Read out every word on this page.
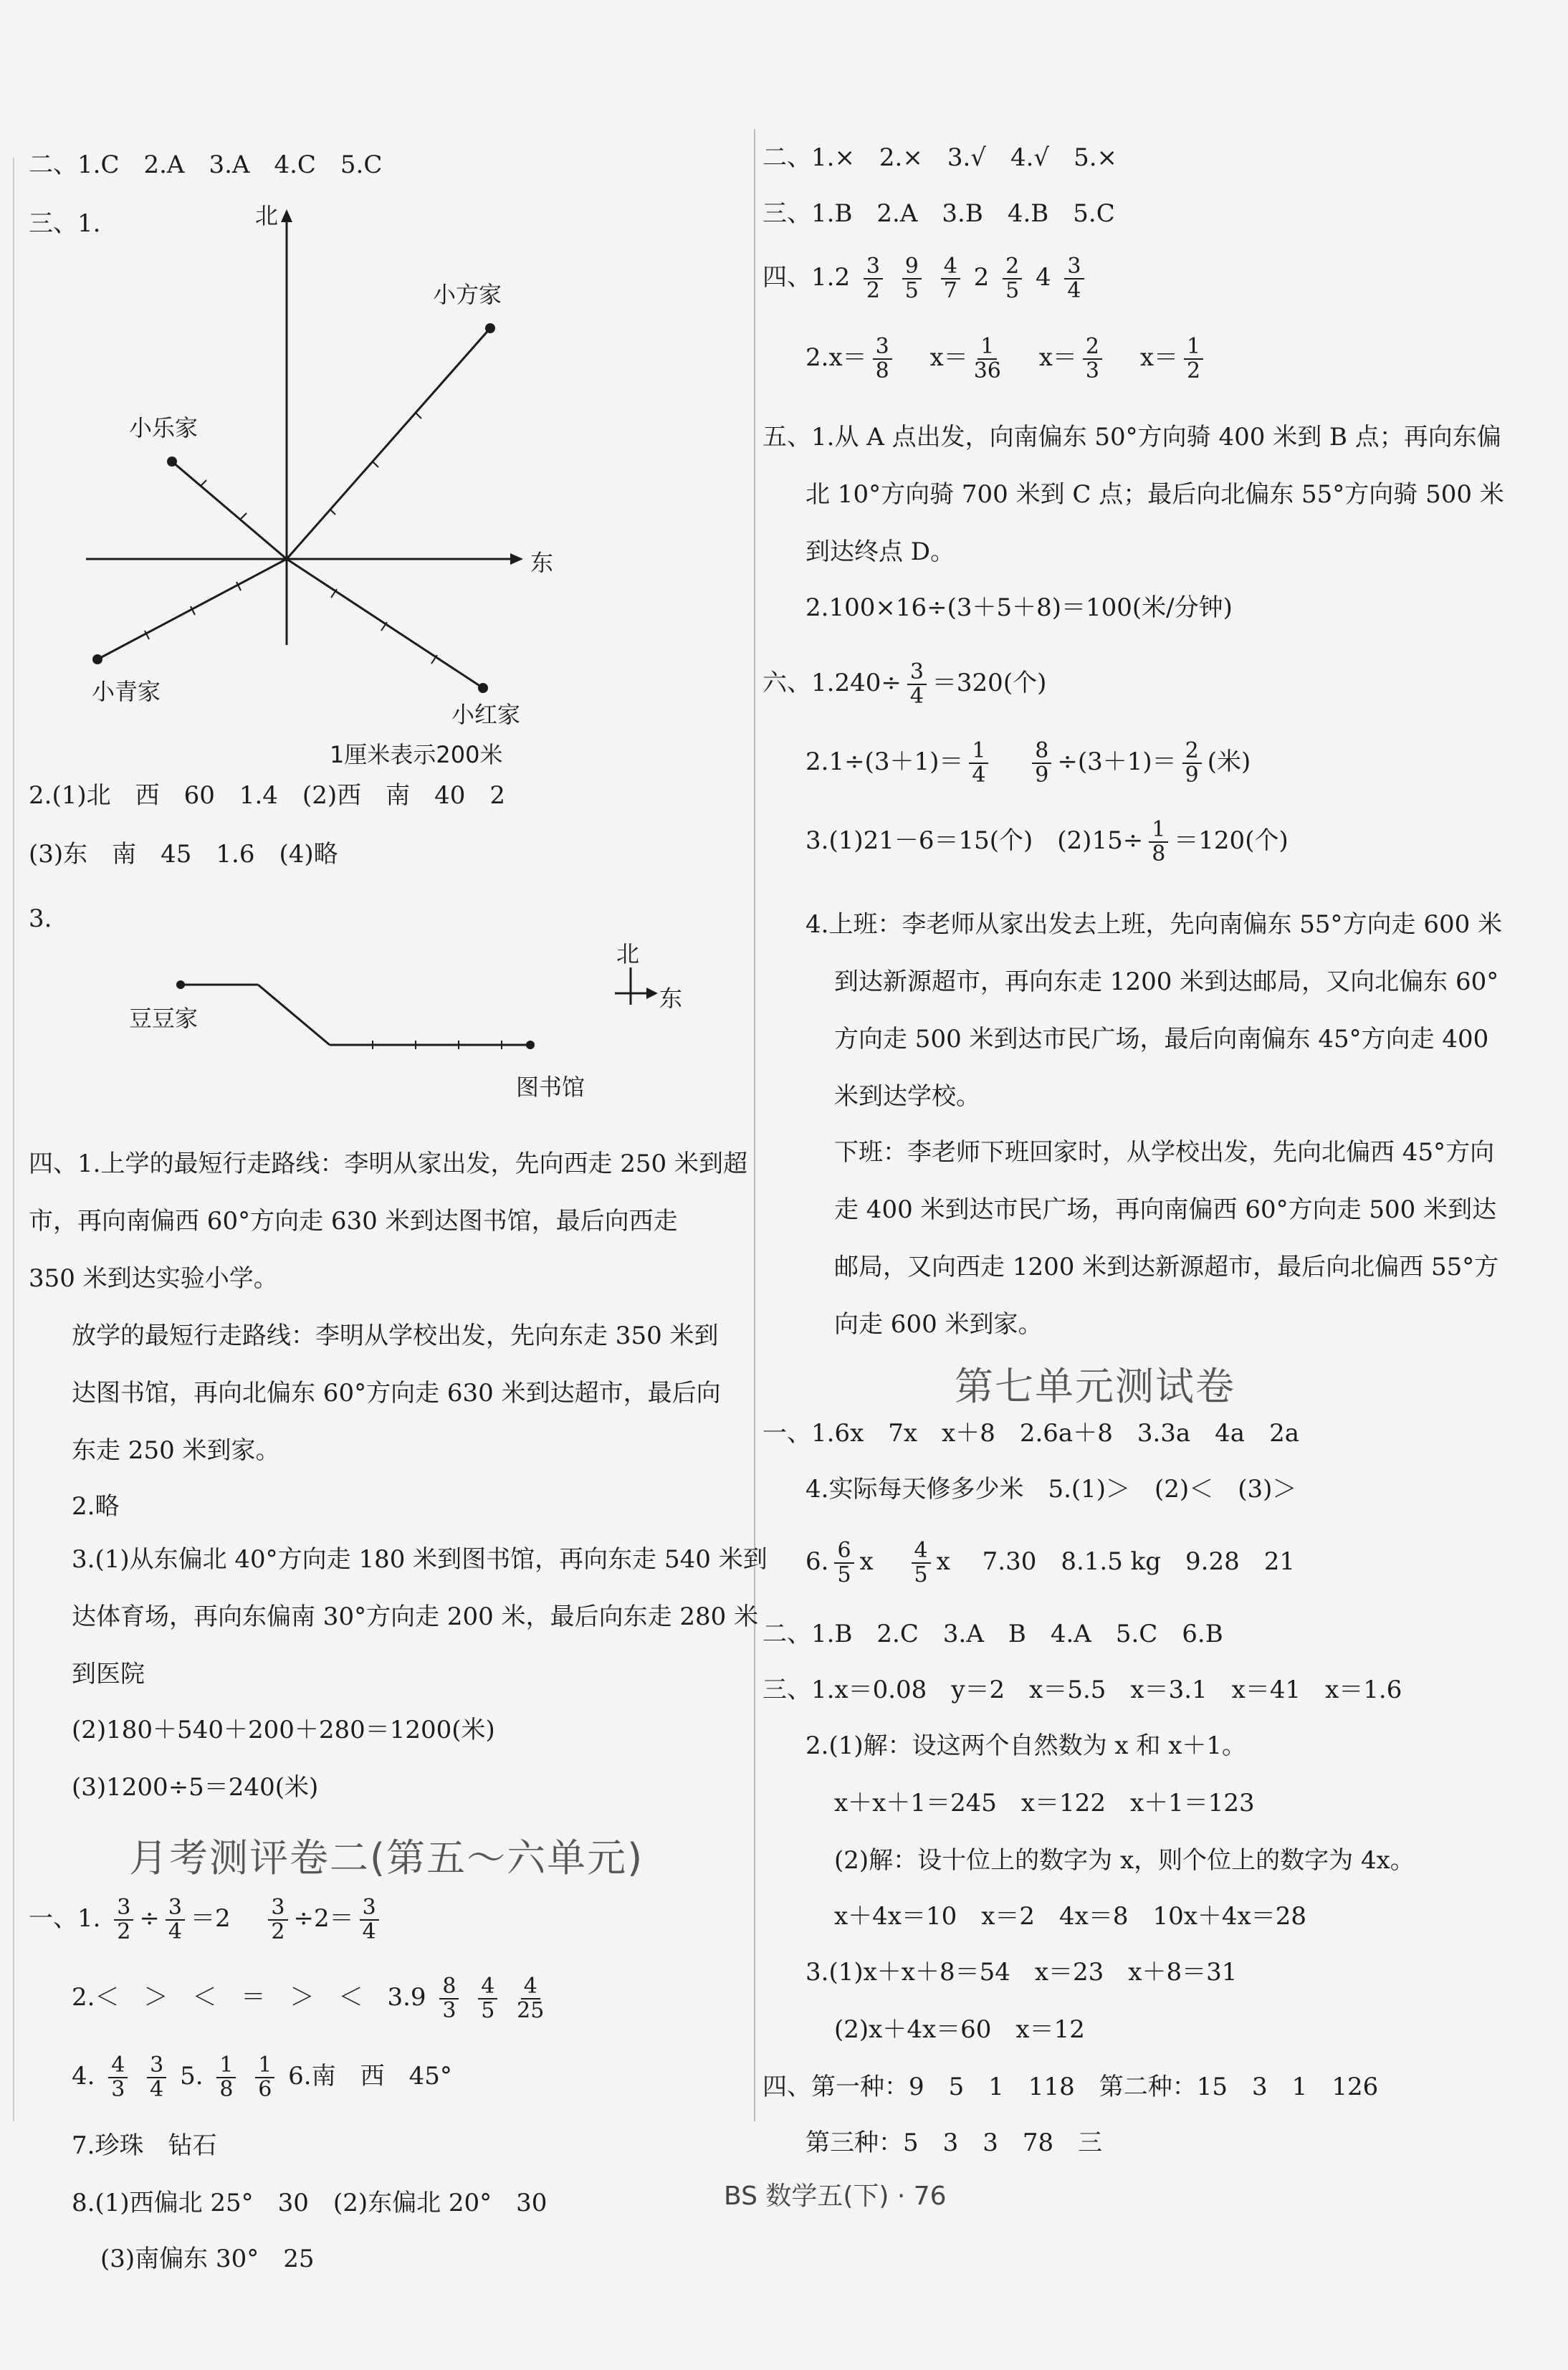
二、1.C　2.A　3.A　4.C　5.C
三、1.	北
东
小方家
小乐家
小青家
小红家
1厘米表示200米
2.(1)北　西　60　1.4　(2)西　南　40　2
(3)东　南　45　1.6　(4)略
3.
豆豆家
图书馆
北
东
四、1.上学的最短行走路线：李明从家出发，先向西走 250 米到超
市，再向南偏西 60°方向走 630 米到达图书馆，最后向西走
350 米到达实验小学。
放学的最短行走路线：李明从学校出发，先向东走 350 米到
达图书馆，再向北偏东 60°方向走 630 米到达超市，最后向
东走 250 米到家。
2.略
3.(1)从东偏北 40°方向走 180 米到图书馆，再向东走 540 米到
达体育场，再向东偏南 30°方向走 200 米，最后向东走 280 米
到医院
(2)180＋540＋200＋280＝1200(米)
(3)1200÷5＝240(米)
月考测评卷二(第五～六单元)
一、1. $\frac{3}{2} \div \frac{3}{4} =2$　 $\frac{3}{2} \div 2= \frac{3}{4}$
2.＜　＞　＜　＝　＞　＜　$3.9 \frac{8}{3}$
$\frac{4}{5}$
$\frac{4}{25}$
4. $\frac{4}{3}$
$\frac{3}{4} 5$. $\frac{1}{8}$
$\frac{1}{6} 6$.南　西　45°
7.珍珠　钻石
8.(1)西偏北 25°　30　(2)东偏北 20°　30
(3)南偏东 30°　25
二、1.×　2.×　3.√　4.√　5.×
三、1.B　2.A　3.B　4.B　5.C
四、$1.2 \frac{3}{2}$
$\frac{9}{5}$
$\frac{4}{7} 2 \frac{2}{5} 4 \frac{3}{4}$
$2.x= \frac{3}{8}$
　 $x= \frac{1}{36}$
　 $x= \frac{2}{3}$
　 $x= \frac{1}{2}$
五、1.从 A 点出发，向南偏东 50°方向骑 400 米到 B 点；再向东偏
北 10°方向骑 700 米到 C 点；最后向北偏东 55°方向骑 500 米
到达终点 D。
2.100×16÷(3＋5＋8)＝100(米/分钟)
六、$1.240\div \frac{3}{4} =320$(个)
$2.1\div(3+1)= \frac{1}{4}$
　 $\frac{8}{9} \div(3+1)= \frac{2}{9}$ (米)
3.(1)21－6＝15(个)　$(2)15\div \frac{1}{8} =120$(个)
4.上班：李老师从家出发去上班，先向南偏东 55°方向走 600 米
到达新源超市，再向东走 1200 米到达邮局，又向北偏东 60°
方向走 500 米到达市民广场，最后向南偏东 45°方向走 400
米到达学校。
下班：李老师下班回家时，从学校出发，先向北偏西 45°方向
走 400 米到达市民广场，再向南偏西 60°方向走 500 米到达
邮局，又向西走 1200 米到达新源超市，最后向北偏西 55°方
向走 600 米到家。
第七单元测试卷
一、1.6x　7x　x＋8　2.6a＋8　3.3a　4a　2a
4.实际每天修多少米　5.(1)＞　(2)＜　(3)＞
6. $\frac{6}{5}$ x　 $\frac{4}{5}$ x　 7.30　8.1.5 kg　9.28　21
二、1.B　2.C　3.A　B　4.A　5.C　6.B
三、1.x＝0.08　y＝2　x＝5.5　x＝3.1　x＝41　x＝1.6
2.(1)解：设这两个自然数为 x 和 x＋1。
x＋x＋1＝245　x＝122　x＋1＝123
(2)解：设十位上的数字为 x，则个位上的数字为 4x。
x＋4x＝10　x＝2　4x＝8　10x＋4x＝28
3.(1)x＋x＋8＝54　x＝23　x＋8＝31
(2)x＋4x＝60　x＝12
四、第一种：9　5　1　118　第二种：15　3　1　126
第三种：5　3　3　78　三
BS 数学五(下) · 76
